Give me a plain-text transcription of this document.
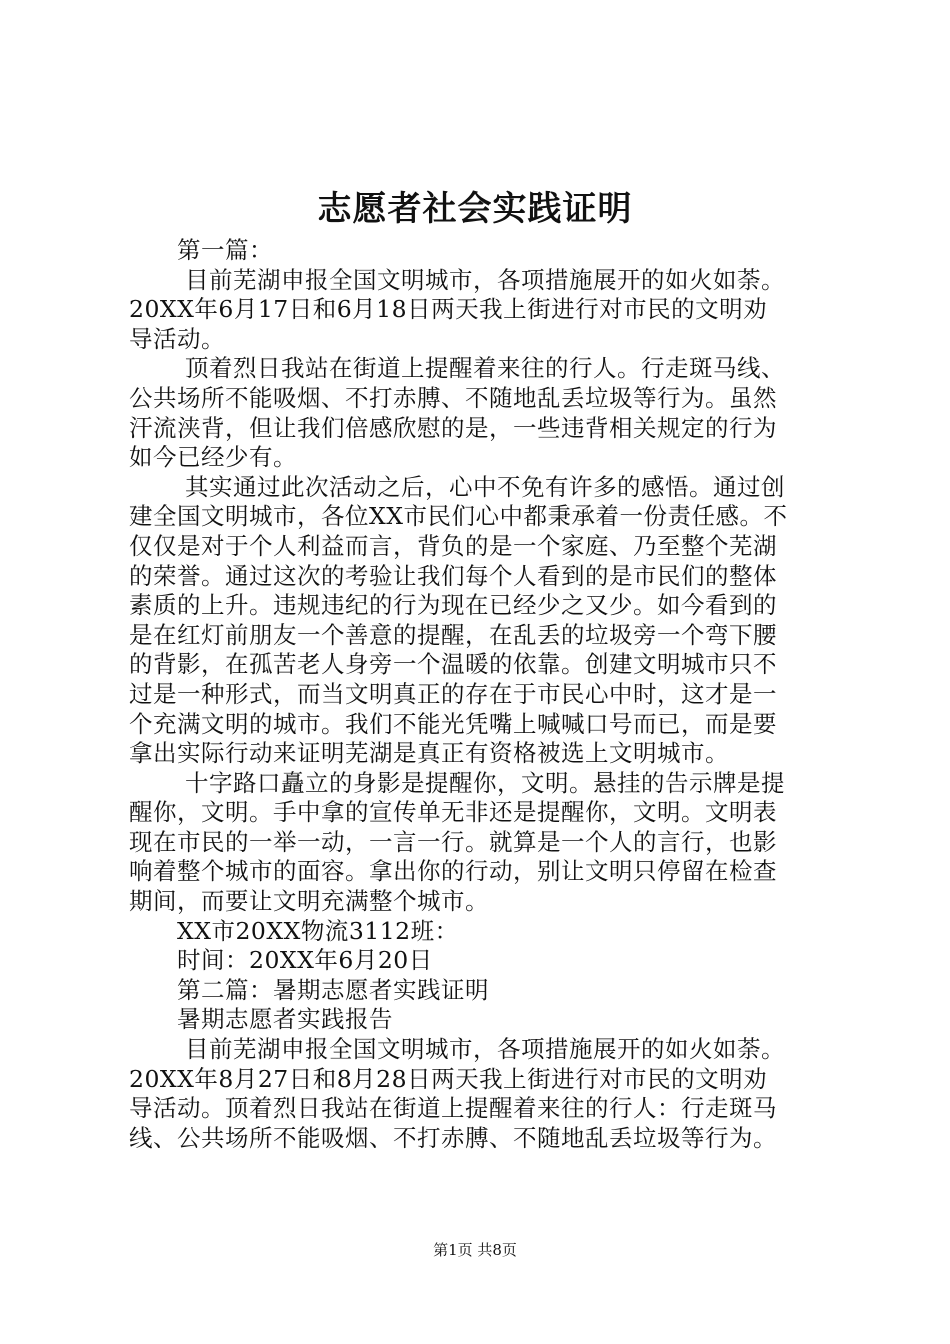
志愿者社会实践证明
第一篇：
目前芜湖申报全国文明城市，各项措施展开的如火如荼。
20XX年6月17日和6月18日两天我上街进行对市民的文明劝
导活动。
顶着烈日我站在街道上提醒着来往的行人。行走斑马线、
公共场所不能吸烟、不打赤膊、不随地乱丢垃圾等行为。虽然
汗流浃背，但让我们倍感欣慰的是，一些违背相关规定的行为
如今已经少有。
其实通过此次活动之后，心中不免有许多的感悟。通过创
建全国文明城市，各位XX市民们心中都秉承着一份责任感。不
仅仅是对于个人利益而言，背负的是一个家庭、乃至整个芜湖
的荣誉。通过这次的考验让我们每个人看到的是市民们的整体
素质的上升。违规违纪的行为现在已经少之又少。如今看到的
是在红灯前朋友一个善意的提醒，在乱丢的垃圾旁一个弯下腰
的背影，在孤苦老人身旁一个温暖的依靠。创建文明城市只不
过是一种形式，而当文明真正的存在于市民心中时，这才是一
个充满文明的城市。我们不能光凭嘴上喊喊口号而已，而是要
拿出实际行动来证明芜湖是真正有资格被选上文明城市。
十字路口矗立的身影是提醒你，文明。悬挂的告示牌是提
醒你，文明。手中拿的宣传单无非还是提醒你，文明。文明表
现在市民的一举一动，一言一行。就算是一个人的言行，也影
响着整个城市的面容。拿出你的行动，别让文明只停留在检查
期间，而要让文明充满整个城市。
XX市20XX物流3112班：
时间：20XX年6月20日
第二篇：暑期志愿者实践证明
暑期志愿者实践报告
目前芜湖申报全国文明城市，各项措施展开的如火如荼。
20XX年8月27日和8月28日两天我上街进行对市民的文明劝
导活动。顶着烈日我站在街道上提醒着来往的行人：行走斑马
线、公共场所不能吸烟、不打赤膊、不随地乱丢垃圾等行为。
第1页 共8页
